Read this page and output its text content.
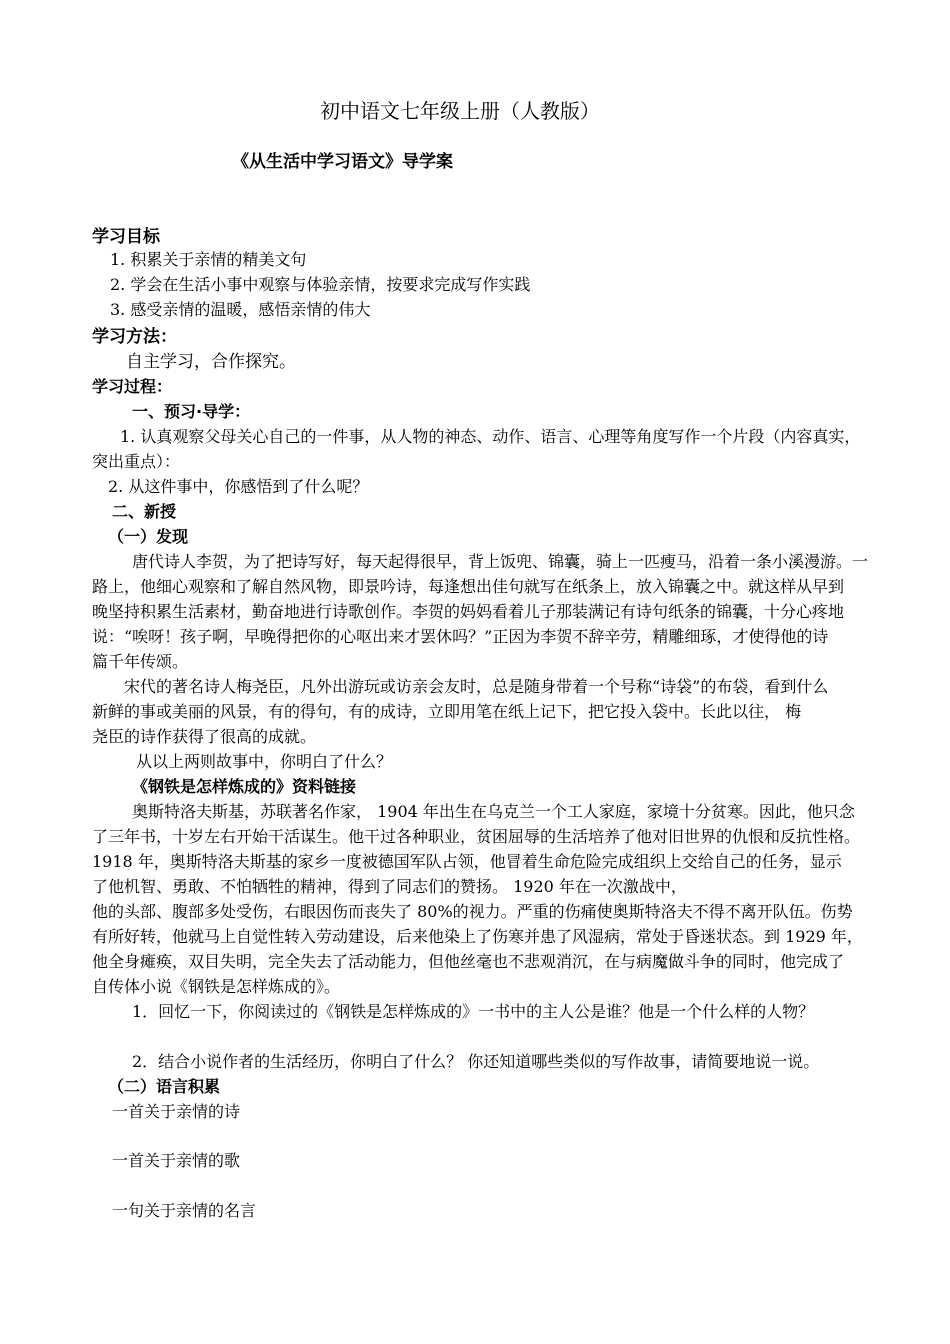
初中语文七年级上册（人教版）
《从生活中学习语文》导学案
学习目标
1. 积累关于亲情的精美文句
2. 学会在生活小事中观察与体验亲情，按要求完成写作实践
3. 感受亲情的温暖，感悟亲情的伟大
学习方法：
自主学习，合作探究。
学习过程：
一、预习·导学：
1. 认真观察父母关心自己的一件事，从人物的神态、动作、语言、心理等角度写作一个片段（内容真实，
突出重点）：
2. 从这件事中，你感悟到了什么呢？
二、新授
（一）发现
唐代诗人李贺，为了把诗写好，每天起得很早，背上饭兜、锦囊，骑上一匹瘦马，沿着一条小溪漫游。一
路上，他细心观察和了解自然风物，即景吟诗，每逢想出佳句就写在纸条上，放入锦囊之中。就这样从早到
晚坚持积累生活素材，勤奋地进行诗歌创作。李贺的妈妈看着儿子那装满记有诗句纸条的锦囊，十分心疼地
说：“唉呀！孩子啊，早晚得把你的心呕出来才罢休吗？”正因为李贺不辞辛劳，精雕细琢，才使得他的诗
篇千年传颂。
宋代的著名诗人梅尧臣，凡外出游玩或访亲会友时，总是随身带着一个号称“诗袋”的布袋，看到什么
新鲜的事或美丽的风景，有的得句，有的成诗，立即用笔在纸上记下，把它投入袋中。长此以往， 梅
尧臣的诗作获得了很高的成就。
从以上两则故事中，你明白了什么？
《钢铁是怎样炼成的》资料链接
奥斯特洛夫斯基，苏联著名作家， 1904 年出生在乌克兰一个工人家庭，家境十分贫寒。因此，他只念
了三年书，十岁左右开始干活谋生。他干过各种职业，贫困屈辱的生活培养了他对旧世界的仇恨和反抗性格。
1918 年，奥斯特洛夫斯基的家乡一度被德国军队占领，他冒着生命危险完成组织上交给自己的任务，显示
了他机智、勇敢、不怕牺牲的精神，得到了同志们的赞扬。 1920 年在一次激战中，
他的头部、腹部多处受伤，右眼因伤而丧失了 80%的视力。严重的伤痛使奥斯特洛夫不得不离开队伍。伤势
有所好转，他就马上自觉性转入劳动建设，后来他染上了伤寒并患了风湿病，常处于昏迷状态。到 1929 年，
他全身瘫痪，双目失明，完全失去了活动能力，但他丝毫也不悲观消沉，在与病魔做斗争的同时，他完成了
自传体小说《钢铁是怎样炼成的》。
1．回忆一下，你阅读过的《钢铁是怎样炼成的》一书中的主人公是谁？他是一个什么样的人物？
2．结合小说作者的生活经历，你明白了什么？ 你还知道哪些类似的写作故事，请简要地说一说。
（二）语言积累
一首关于亲情的诗
一首关于亲情的歌
一句关于亲情的名言
